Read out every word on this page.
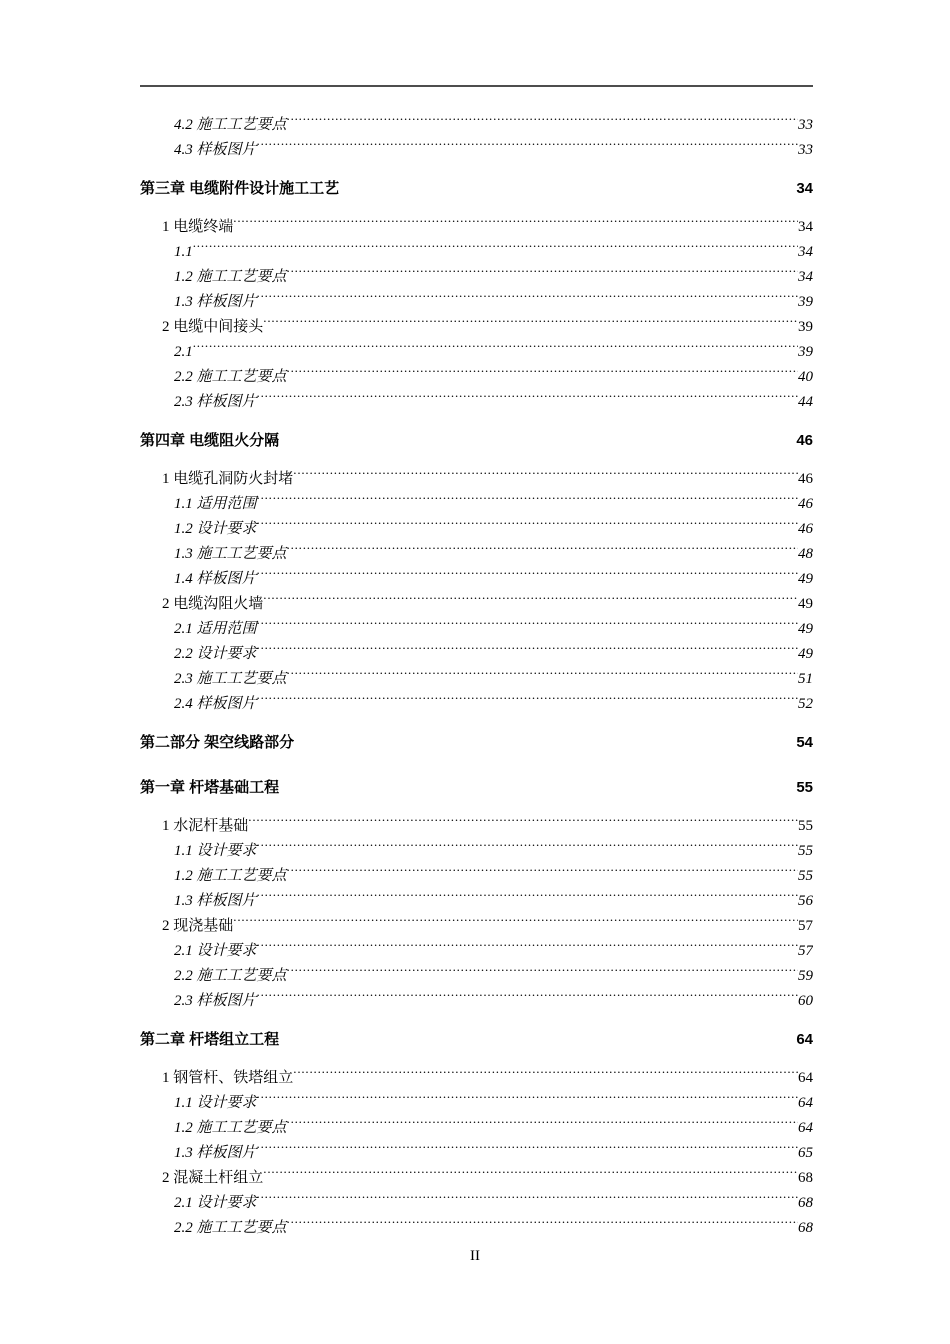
4.2 施工工艺要点 .....	33
4.3 样板图片 .....	33
第三章 电缆附件设计施工工艺 .....	34
1 电缆终端 .....	34
1.1 .....	34
1.2 施工工艺要点 .....	34
1.3 样板图片 .....	39
2 电缆中间接头 .....	39
2.1 .....	39
2.2 施工工艺要点 .....	40
2.3 样板图片 .....	44
第四章 电缆阻火分隔 .....	46
1 电缆孔洞防火封堵 .....	46
1.1 适用范围 .....	46
1.2 设计要求 .....	46
1.3 施工工艺要点 .....	48
1.4 样板图片 .....	49
2 电缆沟阻火墙 .....	49
2.1 适用范围 .....	49
2.2 设计要求 .....	49
2.3 施工工艺要点 .....	51
2.4 样板图片 .....	52
第二部分 架空线路部分 .....	54
第一章 杆塔基础工程 .....	55
1 水泥杆基础 .....	55
1.1 设计要求 .....	55
1.2 施工工艺要点 .....	55
1.3 样板图片 .....	56
2 现浇基础 .....	57
2.1 设计要求 .....	57
2.2 施工工艺要点 .....	59
2.3 样板图片 .....	60
第二章 杆塔组立工程 .....	64
1 钢管杆、铁塔组立 .....	64
1.1 设计要求 .....	64
1.2 施工工艺要点 .....	64
1.3 样板图片 .....	65
2 混凝土杆组立 .....	68
2.1 设计要求 .....	68
2.2 施工工艺要点 .....	68
II
